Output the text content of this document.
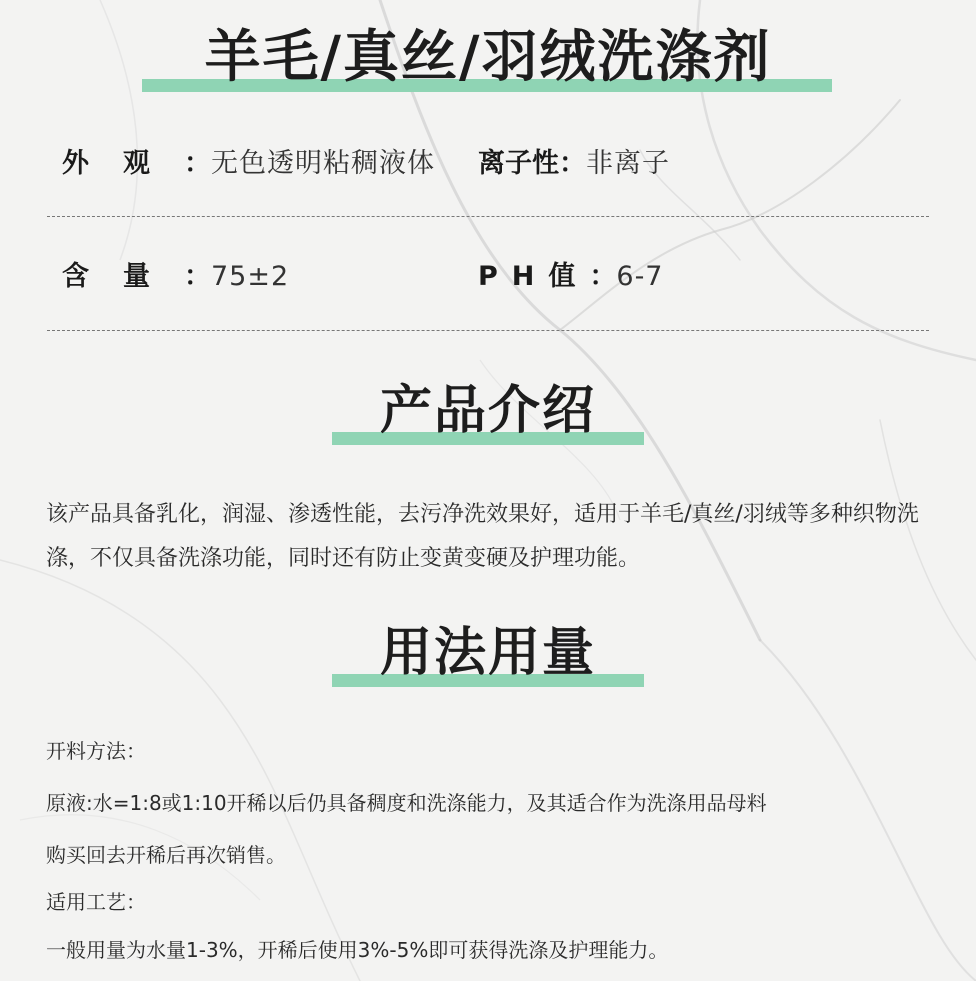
羊毛/真丝/羽绒洗涤剂
外观：无色透明粘稠液体 离子性：非离子
含量：75±2	PH值：6-7
产品介绍
该产品具备乳化，润湿、渗透性能，去污净洗效果好，适用于羊毛/真丝/羽绒等多种织物洗涤，不仅具备洗涤功能，同时还有防止变黄变硬及护理功能。
用法用量
开料方法：
原液:水=1:8或1:10开稀以后仍具备稠度和洗涤能力，及其适合作为洗涤用品母料
购买回去开稀后再次销售。
适用工艺：
一般用量为水量1-3%，开稀后使用3%-5%即可获得洗涤及护理能力。
